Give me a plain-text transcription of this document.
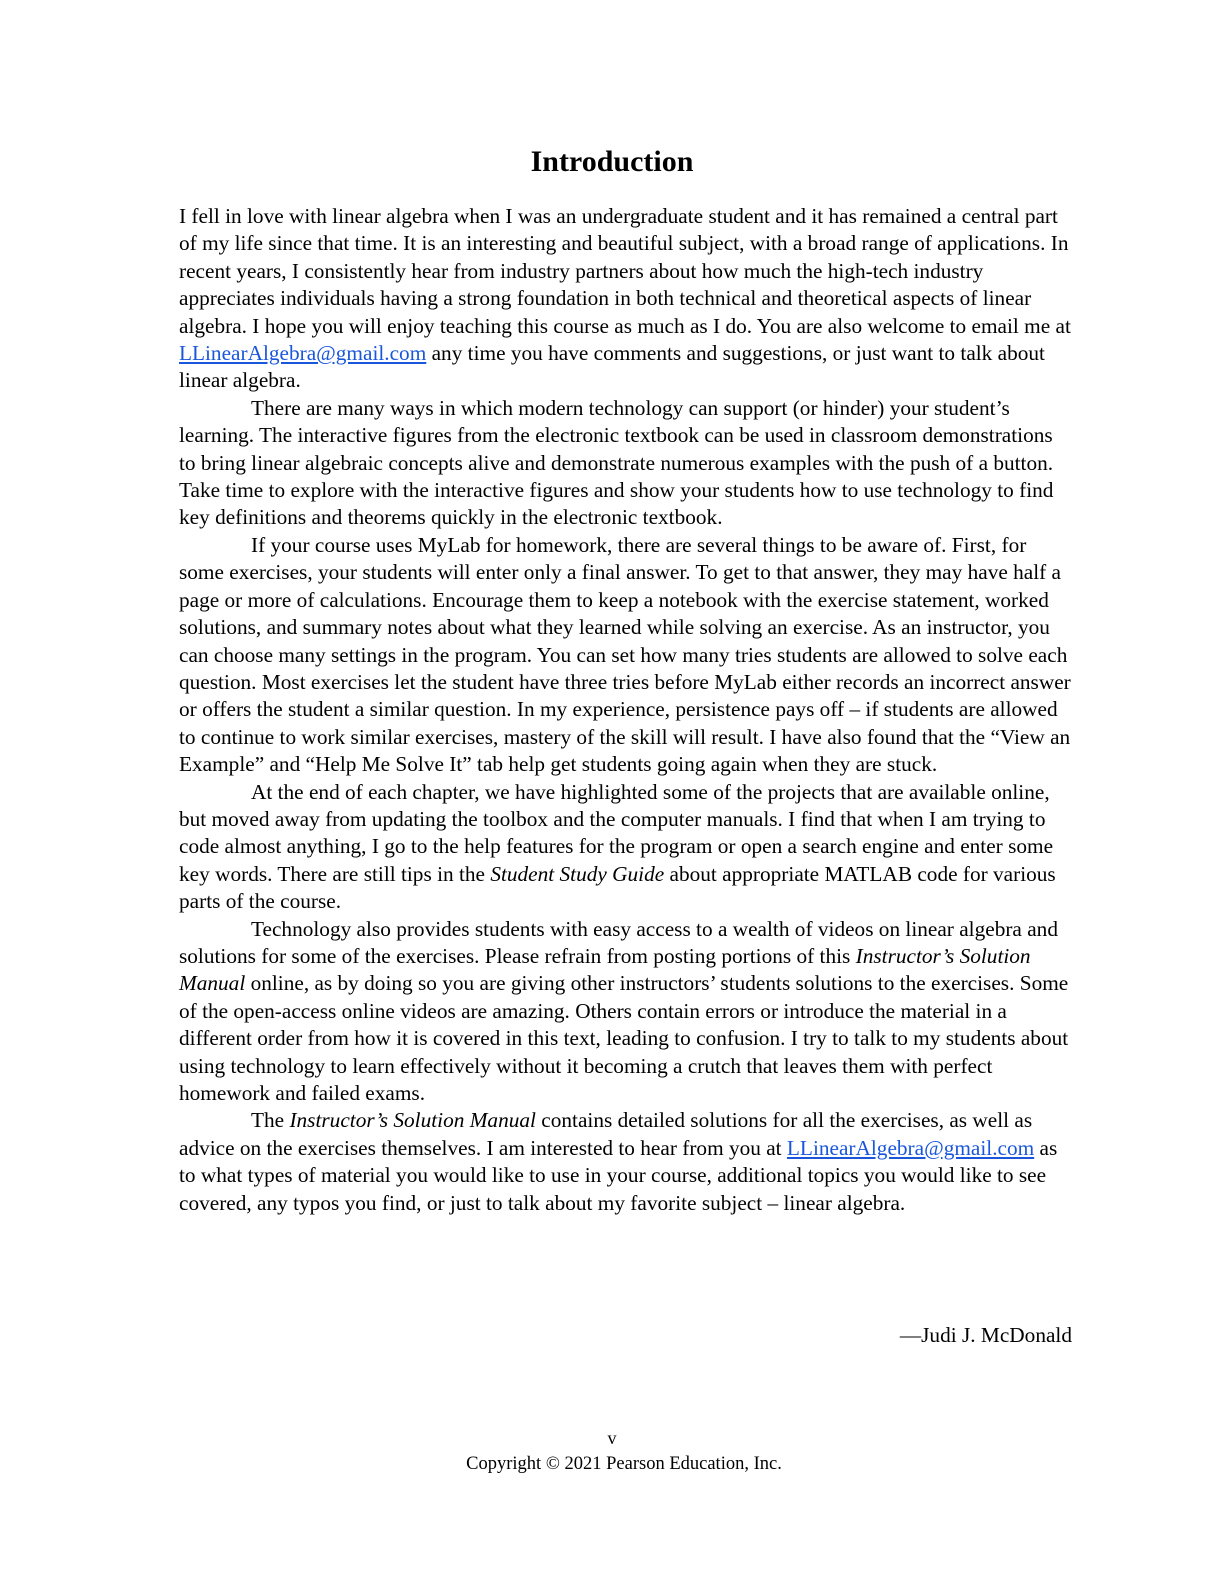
Introduction

I fell in love with linear algebra when I was an undergraduate student and it has remained a central part of my life since that time. It is an interesting and beautiful subject, with a broad range of applications. In recent years, I consistently hear from industry partners about how much the high-tech industry appreciates individuals having a strong foundation in both technical and theoretical aspects of linear algebra. I hope you will enjoy teaching this course as much as I do. You are also welcome to email me at LLinearAlgebra@gmail.com any time you have comments and suggestions, or just want to talk about linear algebra.

There are many ways in which modern technology can support (or hinder) your student’s learning. The interactive figures from the electronic textbook can be used in classroom demonstrations to bring linear algebraic concepts alive and demonstrate numerous examples with the push of a button. Take time to explore with the interactive figures and show your students how to use technology to find key definitions and theorems quickly in the electronic textbook.

If your course uses MyLab for homework, there are several things to be aware of. First, for some exercises, your students will enter only a final answer. To get to that answer, they may have half a page or more of calculations. Encourage them to keep a notebook with the exercise statement, worked solutions, and summary notes about what they learned while solving an exercise. As an instructor, you can choose many settings in the program. You can set how many tries students are allowed to solve each question. Most exercises let the student have three tries before MyLab either records an incorrect answer or offers the student a similar question. In my experience, persistence pays off – if students are allowed to continue to work similar exercises, mastery of the skill will result. I have also found that the “View an Example” and “Help Me Solve It” tab help get students going again when they are stuck.

At the end of each chapter, we have highlighted some of the projects that are available online, but moved away from updating the toolbox and the computer manuals. I find that when I am trying to code almost anything, I go to the help features for the program or open a search engine and enter some key words. There are still tips in the Student Study Guide about appropriate MATLAB code for various parts of the course.

Technology also provides students with easy access to a wealth of videos on linear algebra and solutions for some of the exercises. Please refrain from posting portions of this Instructor’s Solution Manual online, as by doing so you are giving other instructors’ students solutions to the exercises. Some of the open-access online videos are amazing. Others contain errors or introduce the material in a different order from how it is covered in this text, leading to confusion. I try to talk to my students about using technology to learn effectively without it becoming a crutch that leaves them with perfect homework and failed exams.

The Instructor’s Solution Manual contains detailed solutions for all the exercises, as well as advice on the exercises themselves. I am interested to hear from you at LLinearAlgebra@gmail.com as to what types of material you would like to use in your course, additional topics you would like to see covered, any typos you find, or just to talk about my favorite subject – linear algebra.

—Judi J. McDonald
v
Copyright © 2021 Pearson Education, Inc.
